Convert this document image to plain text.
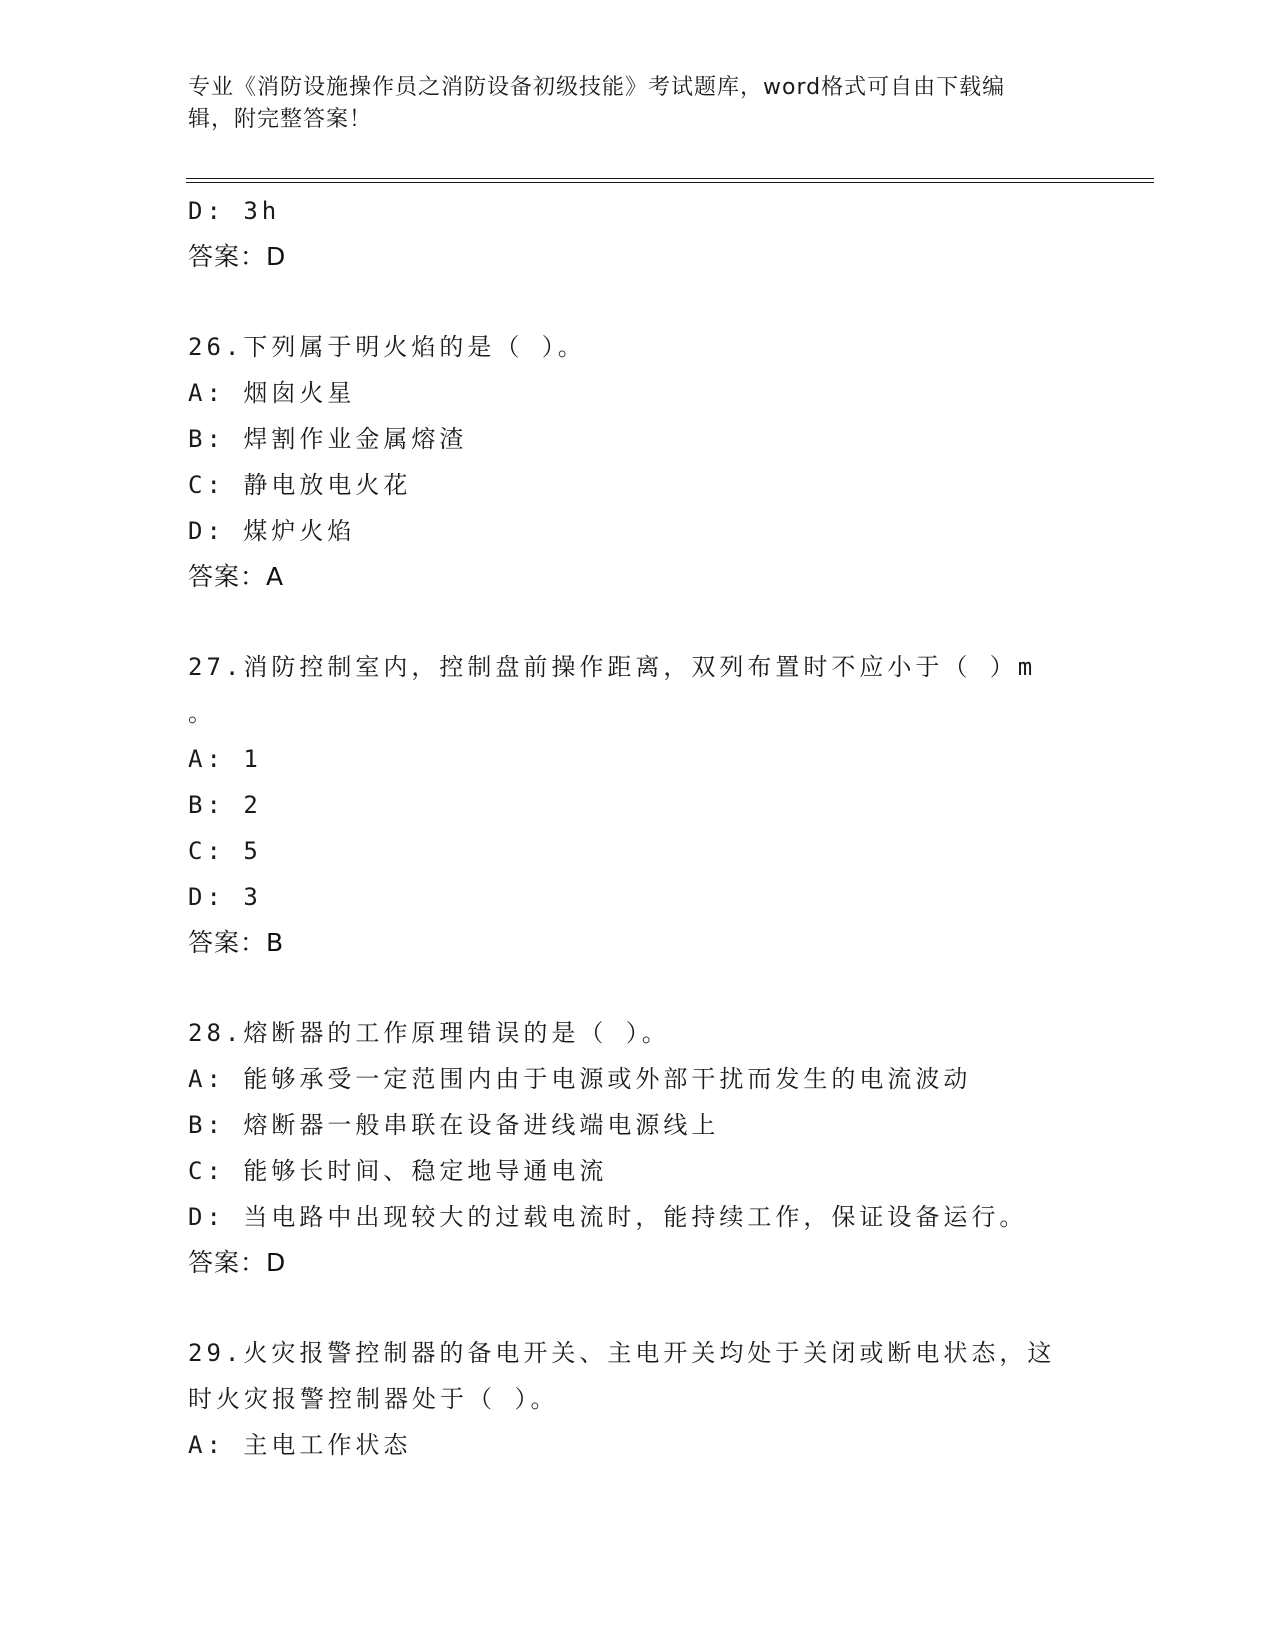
专业《消防设施操作员之消防设备初级技能》考试题库，word格式可自由下载编
辑，附完整答案！
D: 3h
答案：D
26.下列属于明火焰的是（ ）。
A: 烟囱火星
B: 焊割作业金属熔渣
C: 静电放电火花
D: 煤炉火焰
答案：A
27.消防控制室内，控制盘前操作距离，双列布置时不应小于（ ）m
。
A: 1
B: 2
C: 5
D: 3
答案：B
28.熔断器的工作原理错误的是（ ）。
A: 能够承受一定范围内由于电源或外部干扰而发生的电流波动
B: 熔断器一般串联在设备进线端电源线上
C: 能够长时间、稳定地导通电流
D: 当电路中出现较大的过载电流时，能持续工作，保证设备运行。
答案：D
29.火灾报警控制器的备电开关、主电开关均处于关闭或断电状态，这
时火灾报警控制器处于（ ）。
A: 主电工作状态
